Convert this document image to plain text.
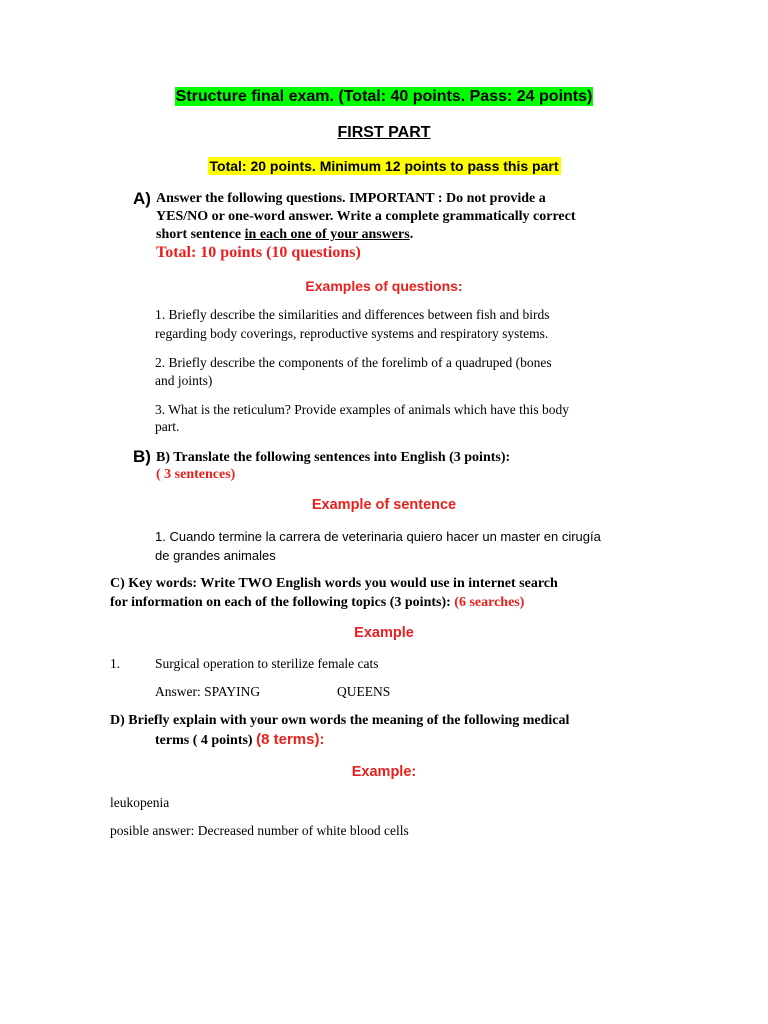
Structure final exam. (Total: 40 points. Pass: 24 points)
FIRST PART
Total: 20 points. Minimum 12 points to pass this part
A) Answer the following questions. IMPORTANT : Do not provide a
YES/NO or one-word answer. Write a complete grammatically correct
short sentence in each one of your answers.
Total: 10 points (10 questions)
Examples of questions:
1. Briefly describe the similarities and differences between fish and birds
regarding body coverings, reproductive systems and respiratory systems.
2. Briefly describe the components of the forelimb of a quadruped (bones
and joints)
3. What is the reticulum? Provide examples of animals which have this body
part.
B) B) Translate the following sentences into English (3 points):
( 3 sentences)
Example of sentence
1. Cuando termine la carrera de veterinaria quiero hacer un master en cirugía
de grandes animales
C) Key words: Write TWO English words you would use in internet search
for information on each of the following topics (3 points): (6 searches)
Example
1.	Surgical operation to sterilize female cats
Answer: SPAYING	QUEENS
D) Briefly explain with your own words the meaning of the following medical
terms ( 4 points) (8 terms):
Example:
leukopenia
posible answer: Decreased number of white blood cells
